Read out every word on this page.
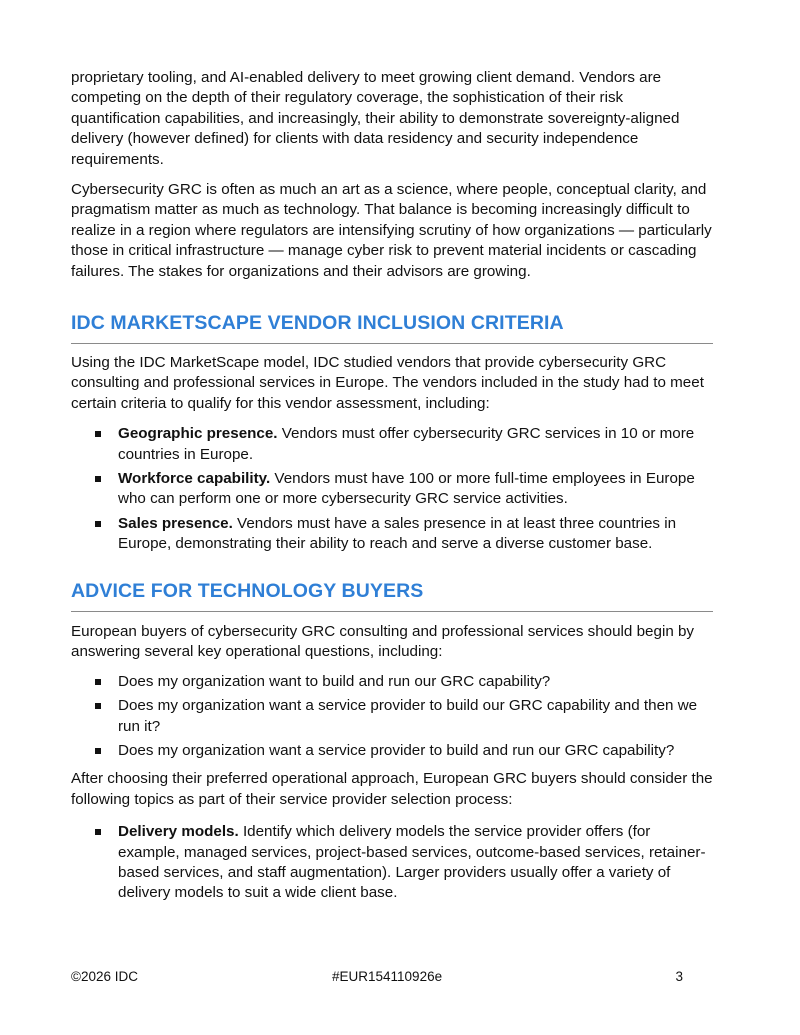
proprietary tooling, and AI-enabled delivery to meet growing client demand. Vendors are competing on the depth of their regulatory coverage, the sophistication of their risk quantification capabilities, and increasingly, their ability to demonstrate sovereignty-aligned delivery (however defined) for clients with data residency and security independence requirements.

Cybersecurity GRC is often as much an art as a science, where people, conceptual clarity, and pragmatism matter as much as technology. That balance is becoming increasingly difficult to realize in a region where regulators are intensifying scrutiny of how organizations — particularly those in critical infrastructure — manage cyber risk to prevent material incidents or cascading failures. The stakes for organizations and their advisors are growing.

IDC MARKETSCAPE VENDOR INCLUSION CRITERIA

Using the IDC MarketScape model, IDC studied vendors that provide cybersecurity GRC consulting and professional services in Europe. The vendors included in the study had to meet certain criteria to qualify for this vendor assessment, including:

Geographic presence. Vendors must offer cybersecurity GRC services in 10 or more countries in Europe.
Workforce capability. Vendors must have 100 or more full-time employees in Europe who can perform one or more cybersecurity GRC service activities.
Sales presence. Vendors must have a sales presence in at least three countries in Europe, demonstrating their ability to reach and serve a diverse customer base.
ADVICE FOR TECHNOLOGY BUYERS

European buyers of cybersecurity GRC consulting and professional services should begin by answering several key operational questions, including:

Does my organization want to build and run our GRC capability?
Does my organization want a service provider to build our GRC capability and then we run it?
Does my organization want a service provider to build and run our GRC capability?

After choosing their preferred operational approach, European GRC buyers should consider the following topics as part of their service provider selection process:

Delivery models. Identify which delivery models the service provider offers (for example, managed services, project-based services, outcome-based services, retainer-based services, and staff augmentation). Larger providers usually offer a variety of delivery models to suit a wide client base.
©2026 IDC	#EUR154110926e	3
